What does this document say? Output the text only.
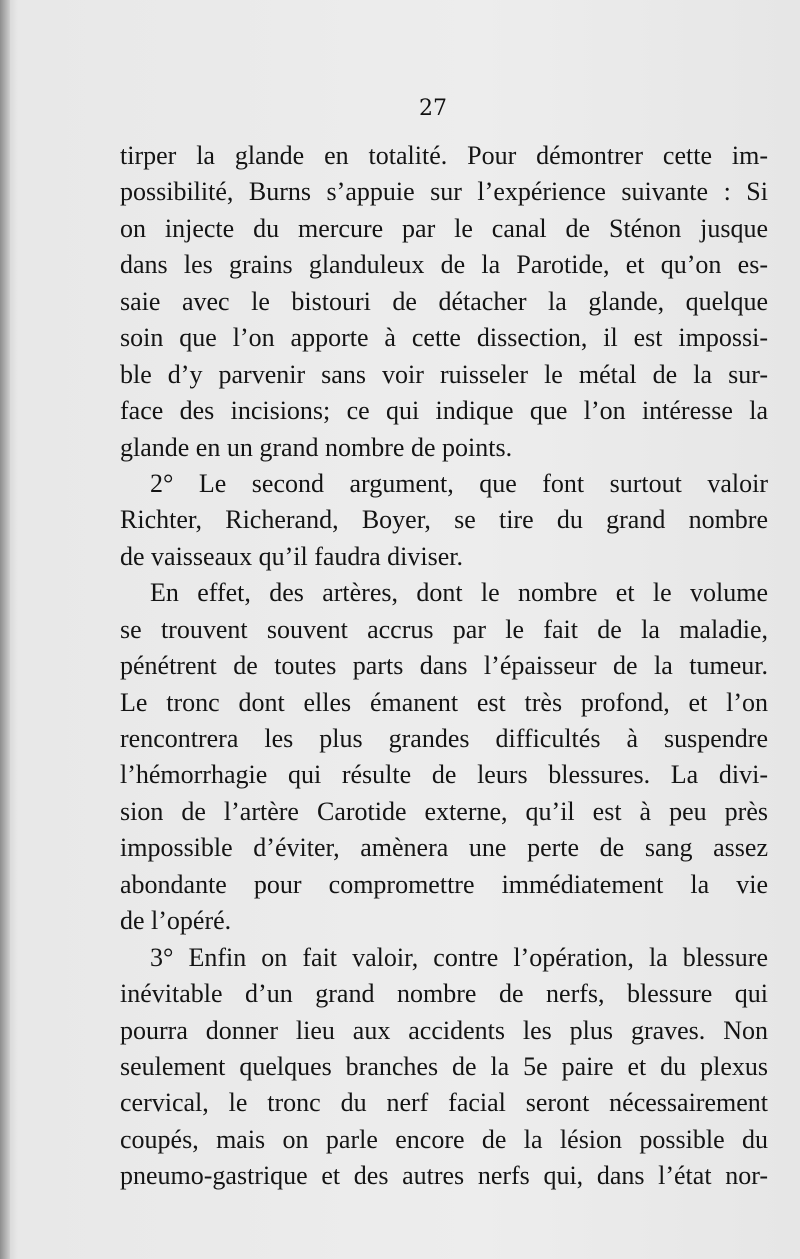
27
tirper la glande en totalité. Pour démontrer cette im-
possibilité, Burns s’appuie sur l’expérience suivante : Si
on injecte du mercure par le canal de Sténon jusque
dans les grains glanduleux de la Parotide, et qu’on es-
saie avec le bistouri de détacher la glande, quelque
soin que l’on apporte à cette dissection, il est impossi-
ble d’y parvenir sans voir ruisseler le métal de la sur-
face des incisions; ce qui indique que l’on intéresse la
glande en un grand nombre de points.
2° Le second argument, que font surtout valoir
Richter, Richerand, Boyer, se tire du grand nombre
de vaisseaux qu’il faudra diviser.
En effet, des artères, dont le nombre et le volume
se trouvent souvent accrus par le fait de la maladie,
pénétrent de toutes parts dans l’épaisseur de la tumeur.
Le tronc dont elles émanent est très profond, et l’on
rencontrera les plus grandes difficultés à suspendre
l’hémorrhagie qui résulte de leurs blessures. La divi-
sion de l’artère Carotide externe, qu’il est à peu près
impossible d’éviter, amènera une perte de sang assez
abondante pour compromettre immédiatement la vie
de l’opéré.
3° Enfin on fait valoir, contre l’opération, la blessure
inévitable d’un grand nombre de nerfs, blessure qui
pourra donner lieu aux accidents les plus graves. Non
seulement quelques branches de la 5e paire et du plexus
cervical, le tronc du nerf facial seront nécessairement
coupés, mais on parle encore de la lésion possible du
pneumo-gastrique et des autres nerfs qui, dans l’état nor-
